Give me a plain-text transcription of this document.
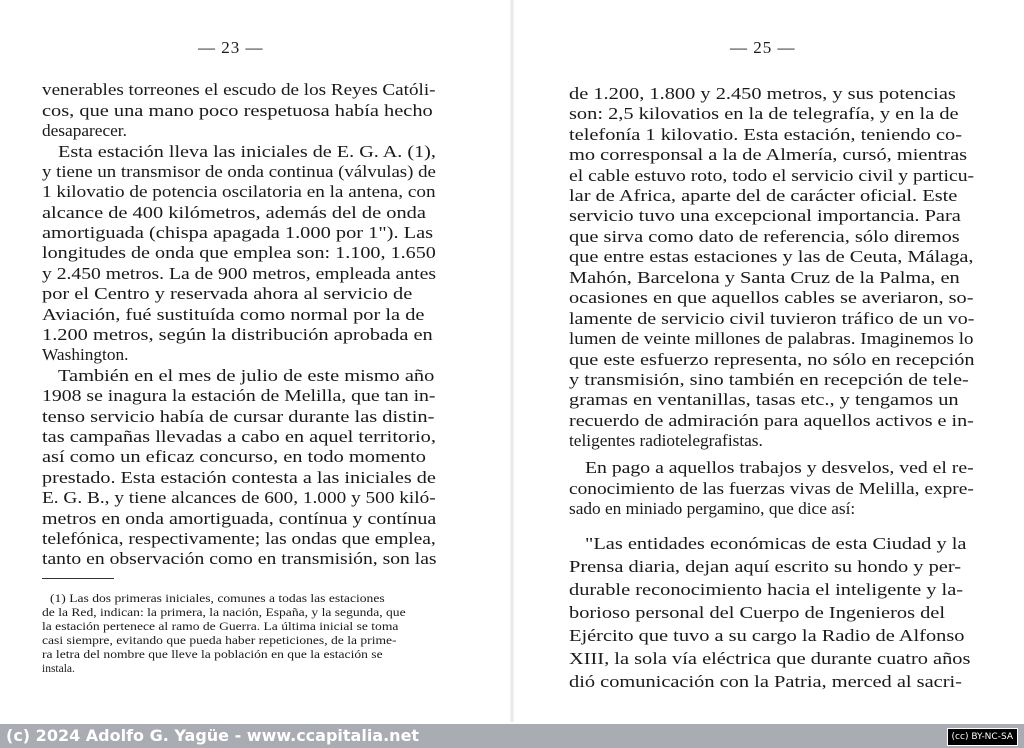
— 23 —
venerables torreones el escudo de los Reyes Católi-
cos, que una mano poco respetuosa había hecho
desaparecer.
Esta estación lleva las iniciales de E. G. A. (1),
y tiene un transmisor de onda continua (válvulas) de
1 kilovatio de potencia oscilatoria en la antena, con
alcance de 400 kilómetros, además del de onda
amortiguada (chispa apagada 1.000 por 1"). Las
longitudes de onda que emplea son: 1.100, 1.650
y 2.450 metros. La de 900 metros, empleada antes
por el Centro y reservada ahora al servicio de
Aviación, fué sustituída como normal por la de
1.200 metros, según la distribución aprobada en
Washington.
También en el mes de julio de este mismo año
1908 se inagura la estación de Melilla, que tan in-
tenso servicio había de cursar durante las distin-
tas campañas llevadas a cabo en aquel territorio,
así como un eficaz concurso, en todo momento
prestado. Esta estación contesta a las iniciales de
E. G. B., y tiene alcances de 600, 1.000 y 500 kiló-
metros en onda amortiguada, contínua y contínua
telefónica, respectivamente; las ondas que emplea,
tanto en observación como en transmisión, son las
(1) Las dos primeras iniciales, comunes a todas las estaciones
de la Red, indican: la primera, la nación, España, y la segunda, que
la estación pertenece al ramo de Guerra. La última inicial se toma
casi siempre, evitando que pueda haber repeticiones, de la prime-
ra letra del nombre que lleve la población en que la estación se
instala.
— 25 —
de 1.200, 1.800 y 2.450 metros, y sus potencias
son: 2,5 kilovatios en la de telegrafía, y en la de
telefonía 1 kilovatio. Esta estación, teniendo co-
mo corresponsal a la de Almería, cursó, mientras
el cable estuvo roto, todo el servicio civil y particu-
lar de Africa, aparte del de carácter oficial. Este
servicio tuvo una excepcional importancia. Para
que sirva como dato de referencia, sólo diremos
que entre estas estaciones y las de Ceuta, Málaga,
Mahón, Barcelona y Santa Cruz de la Palma, en
ocasiones en que aquellos cables se averiaron, so-
lamente de servicio civil tuvieron tráfico de un vo-
lumen de veinte millones de palabras. Imaginemos lo
que este esfuerzo representa, no sólo en recepción
y transmisión, sino también en recepción de tele-
gramas en ventanillas, tasas etc., y tengamos un
recuerdo de admiración para aquellos activos e in-
teligentes radiotelegrafistas.
En pago a aquellos trabajos y desvelos, ved el re-
conocimiento de las fuerzas vivas de Melilla, expre-
sado en miniado pergamino, que dice así:
"Las entidades económicas de esta Ciudad y la
Prensa diaria, dejan aquí escrito su hondo y per-
durable reconocimiento hacia el inteligente y la-
borioso personal del Cuerpo de Ingenieros del
Ejército que tuvo a su cargo la Radio de Alfonso
XIII, la sola vía eléctrica que durante cuatro años
dió comunicación con la Patria, merced al sacri-
(c) 2024 Adolfo G. Yagüe - www.ccapitalia.net	(cc) BY-NC-SA
